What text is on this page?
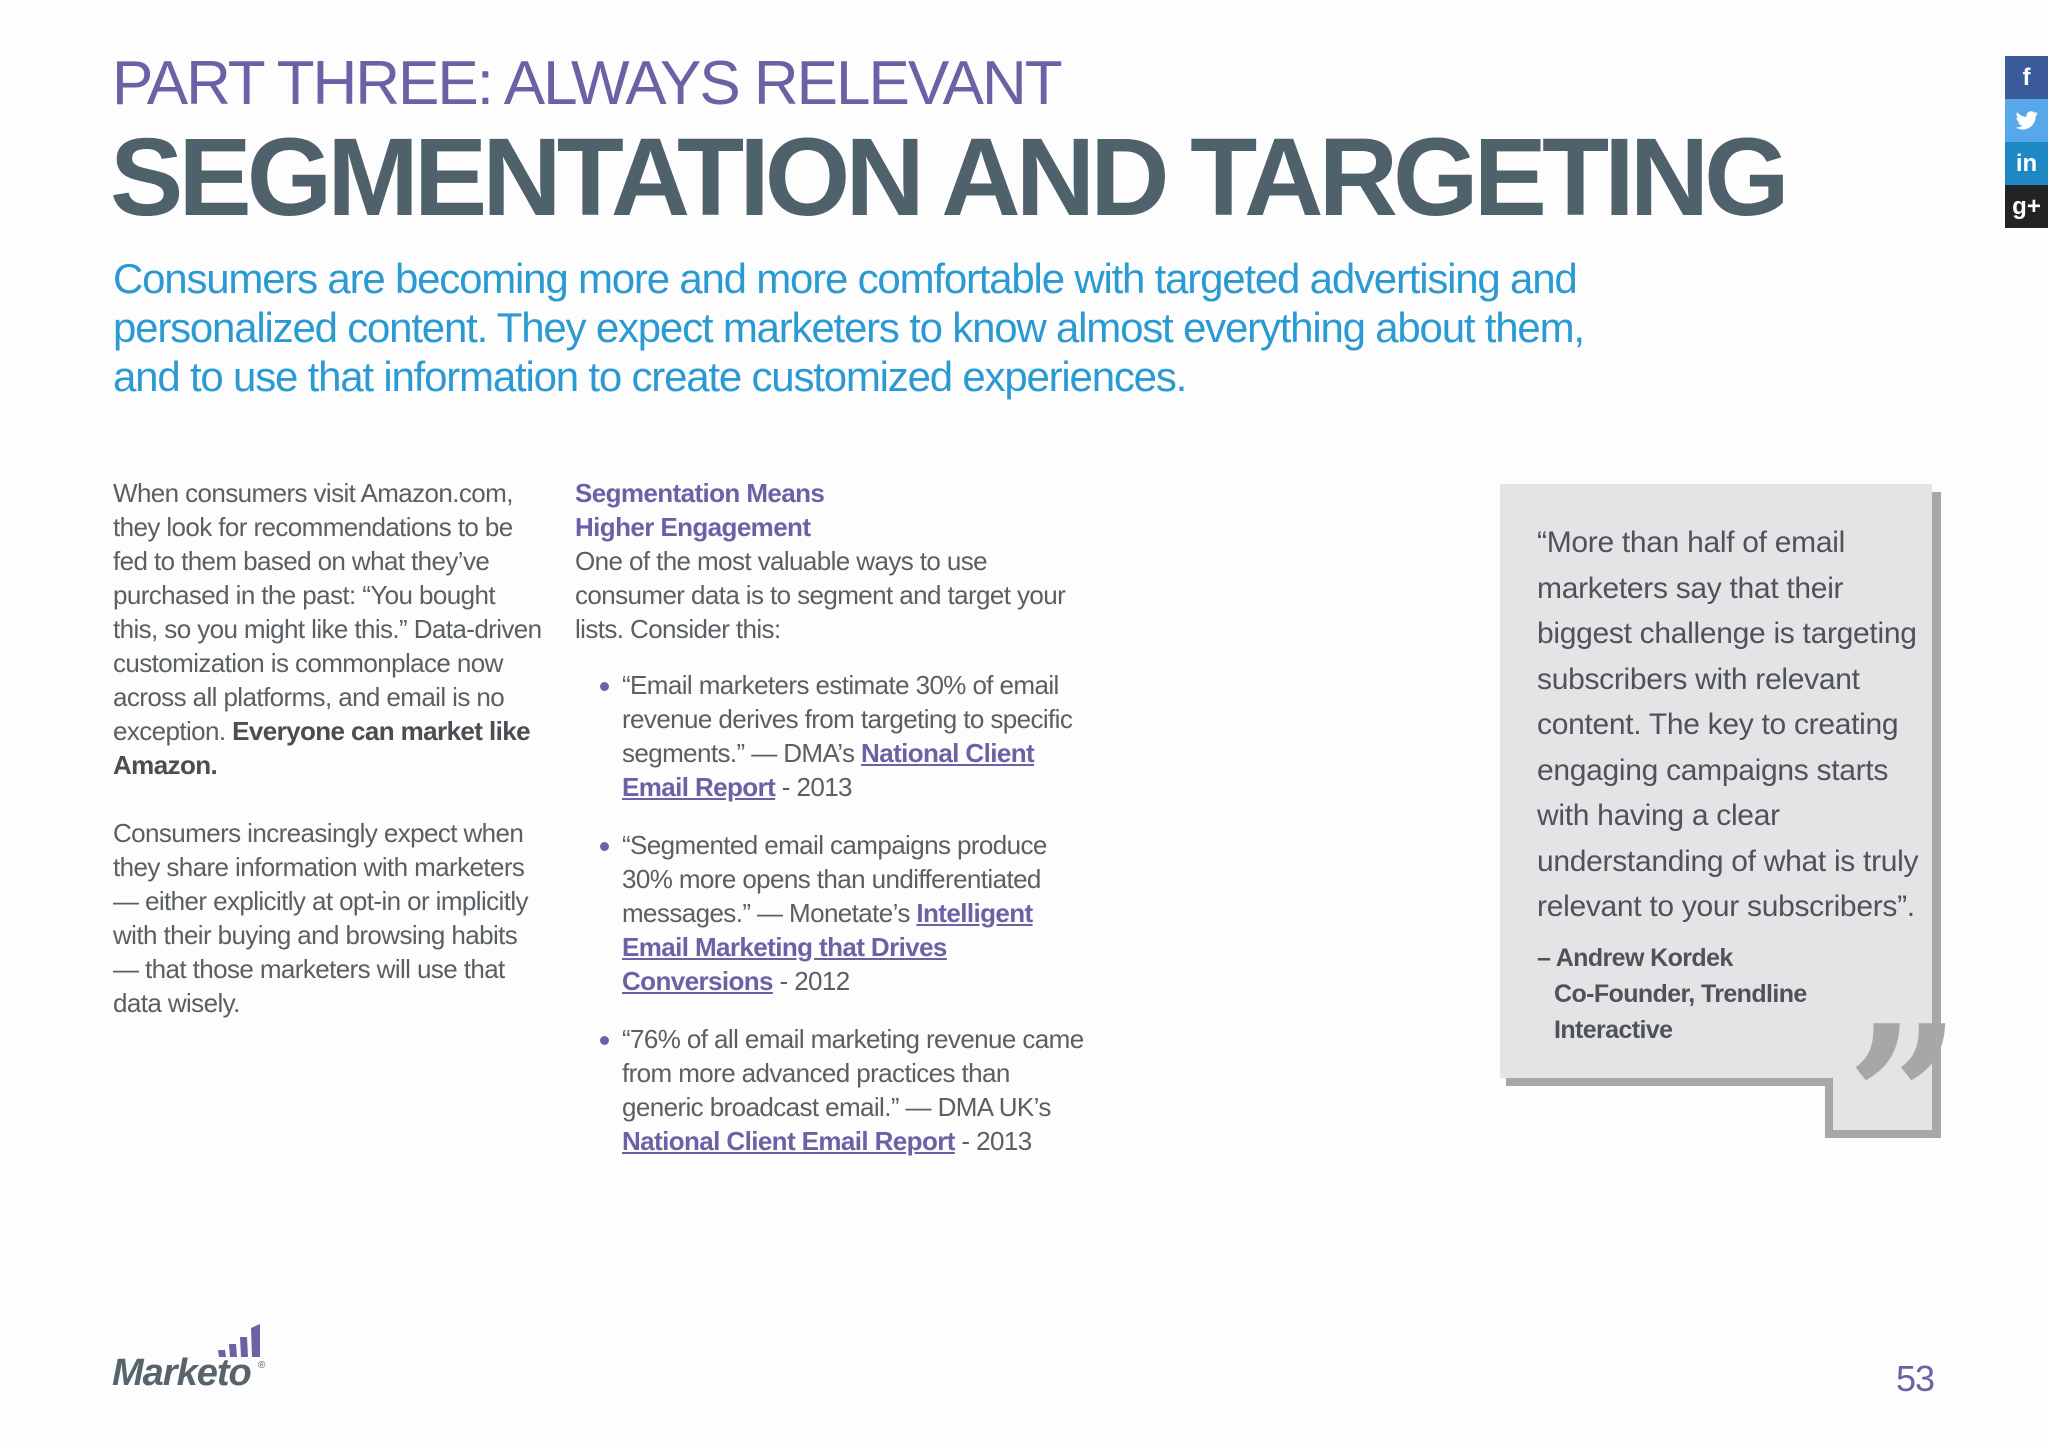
PART THREE: ALWAYS RELEVANT
SEGMENTATION AND TARGETING
Consumers are becoming more and more comfortable with targeted advertising and personalized content. They expect marketers to know almost everything about them, and to use that information to create customized experiences.

When consumers visit Amazon.com, they look for recommendations to be fed to them based on what they’ve purchased in the past: “You bought this, so you might like this.” Data-driven customization is commonplace now across all platforms, and email is no exception. Everyone can market like Amazon.

Consumers increasingly expect when they share information with marketers — either explicitly at opt-in or implicitly with their buying and browsing habits — that those marketers will use that data wisely.

Segmentation Means
Higher Engagement

One of the most valuable ways to use consumer data is to segment and target your lists. Consider this:

“Email marketers estimate 30% of email revenue derives from targeting to specific segments.” — DMA’s National Client Email Report - 2013
“Segmented email campaigns produce 30% more opens than undifferentiated messages.” — Monetate’s Intelligent Email Marketing that Drives Conversions - 2012
“76% of all email marketing revenue came from more advanced practices than generic broadcast email.” — DMA UK’s National Client Email Report - 2013
“More than half of email marketers say that their biggest challenge is targeting subscribers with relevant content. The key to creating engaging campaigns starts with having a clear understanding of what is truly relevant to your subscribers”.
– Andrew Kordek
Co-Founder, Trendline Interactive ”
f
in
g+
Marketo ®	53
